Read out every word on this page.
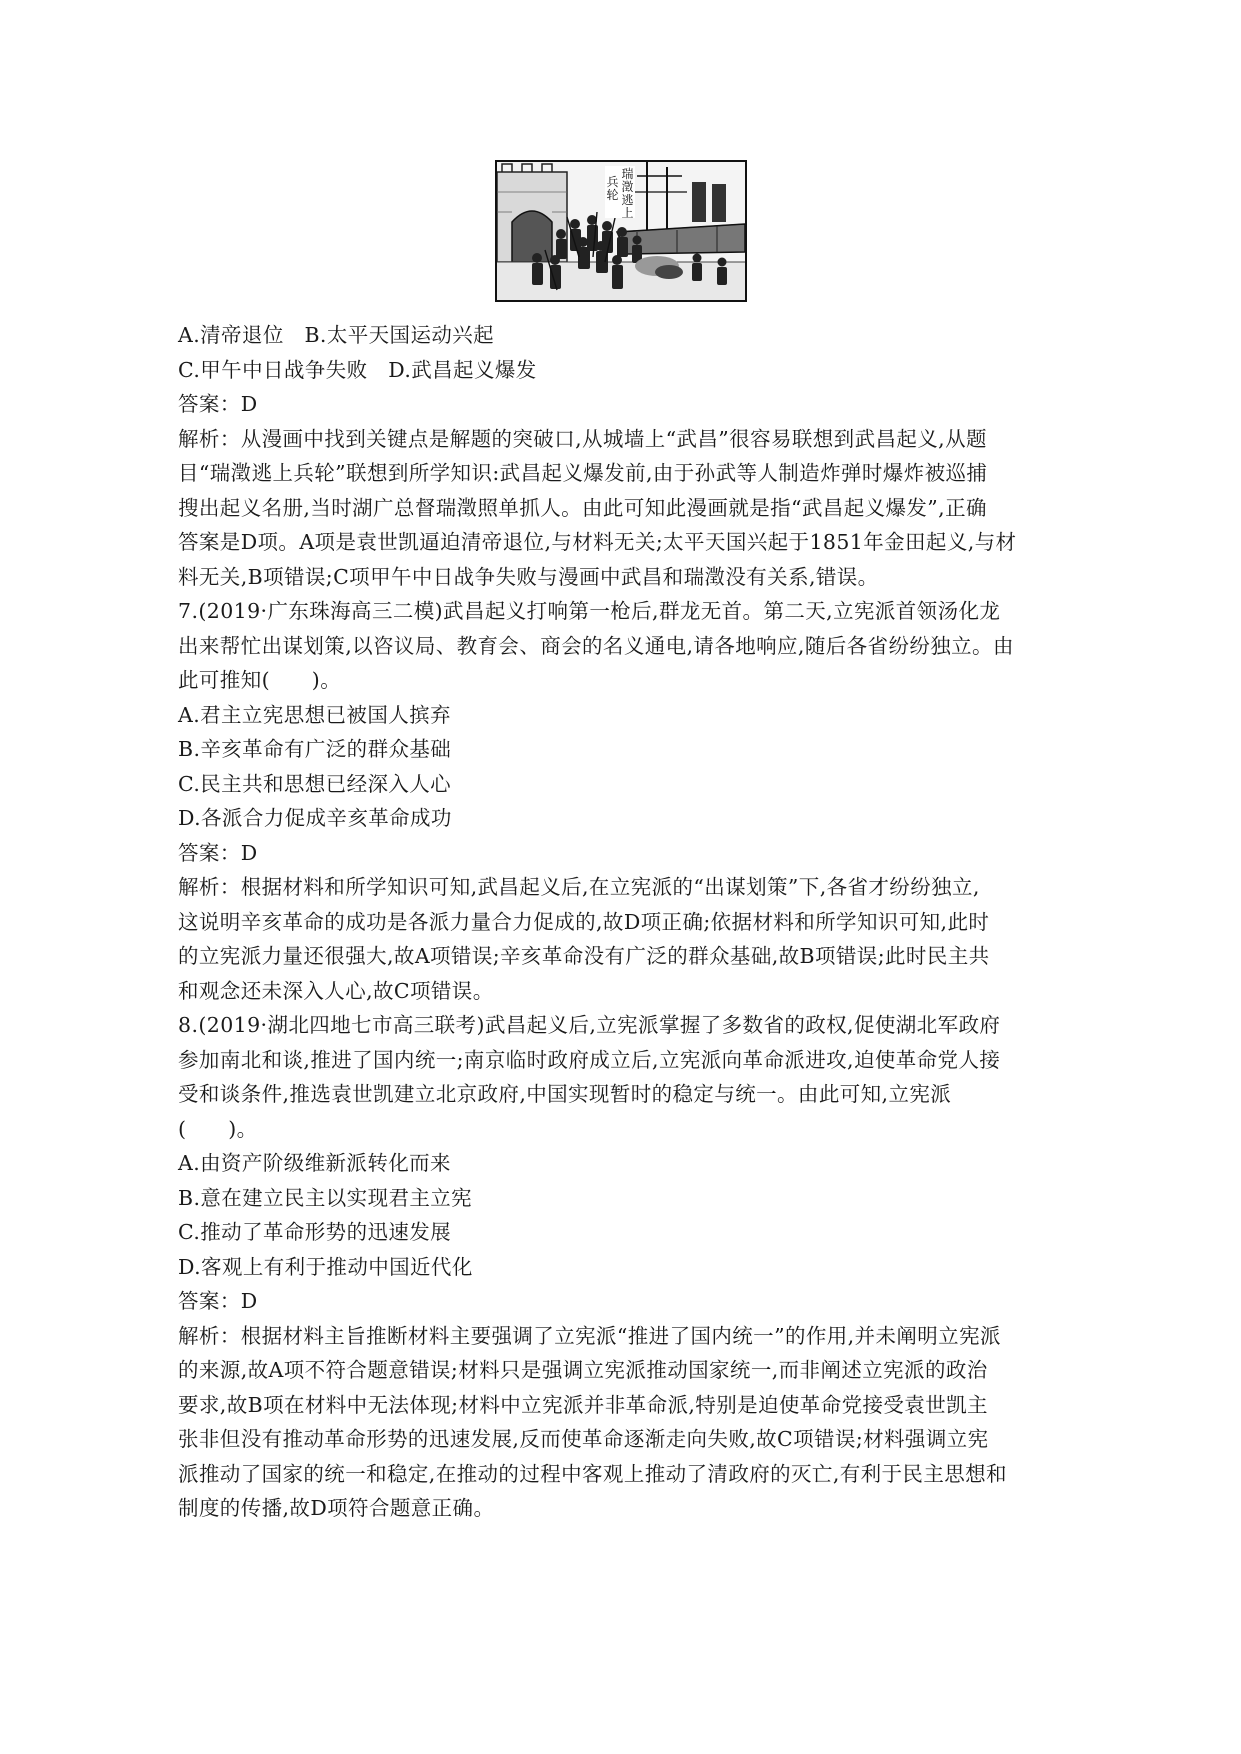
瑞澂逃上
兵轮
A.清帝退位   B.太平天国运动兴起
C.甲午中日战争失败   D.武昌起义爆发
答案：D
解析：从漫画中找到关键点是解题的突破口,从城墙上“武昌”很容易联想到武昌起义,从题
目“瑞澂逃上兵轮”联想到所学知识:武昌起义爆发前,由于孙武等人制造炸弹时爆炸被巡捕
搜出起义名册,当时湖广总督瑞澂照单抓人。由此可知此漫画就是指“武昌起义爆发”,正确
答案是D项。A项是袁世凯逼迫清帝退位,与材料无关;太平天国兴起于1851年金田起义,与材
料无关,B项错误;C项甲午中日战争失败与漫画中武昌和瑞澂没有关系,错误。
7.(2019·广东珠海高三二模)武昌起义打响第一枪后,群龙无首。第二天,立宪派首领汤化龙
出来帮忙出谋划策,以咨议局、教育会、商会的名义通电,请各地响应,随后各省纷纷独立。由
此可推知(　　)。
A.君主立宪思想已被国人摈弃
B.辛亥革命有广泛的群众基础
C.民主共和思想已经深入人心
D.各派合力促成辛亥革命成功
答案：D
解析：根据材料和所学知识可知,武昌起义后,在立宪派的“出谋划策”下,各省才纷纷独立,
这说明辛亥革命的成功是各派力量合力促成的,故D项正确;依据材料和所学知识可知,此时
的立宪派力量还很强大,故A项错误;辛亥革命没有广泛的群众基础,故B项错误;此时民主共
和观念还未深入人心,故C项错误。
8.(2019·湖北四地七市高三联考)武昌起义后,立宪派掌握了多数省的政权,促使湖北军政府
参加南北和谈,推进了国内统一;南京临时政府成立后,立宪派向革命派进攻,迫使革命党人接
受和谈条件,推选袁世凯建立北京政府,中国实现暂时的稳定与统一。由此可知,立宪派
(　　)。
A.由资产阶级维新派转化而来
B.意在建立民主以实现君主立宪
C.推动了革命形势的迅速发展
D.客观上有利于推动中国近代化
答案：D
解析：根据材料主旨推断材料主要强调了立宪派“推进了国内统一”的作用,并未阐明立宪派
的来源,故A项不符合题意错误;材料只是强调立宪派推动国家统一,而非阐述立宪派的政治
要求,故B项在材料中无法体现;材料中立宪派并非革命派,特别是迫使革命党接受袁世凯主
张非但没有推动革命形势的迅速发展,反而使革命逐渐走向失败,故C项错误;材料强调立宪
派推动了国家的统一和稳定,在推动的过程中客观上推动了清政府的灭亡,有利于民主思想和
制度的传播,故D项符合题意正确。
